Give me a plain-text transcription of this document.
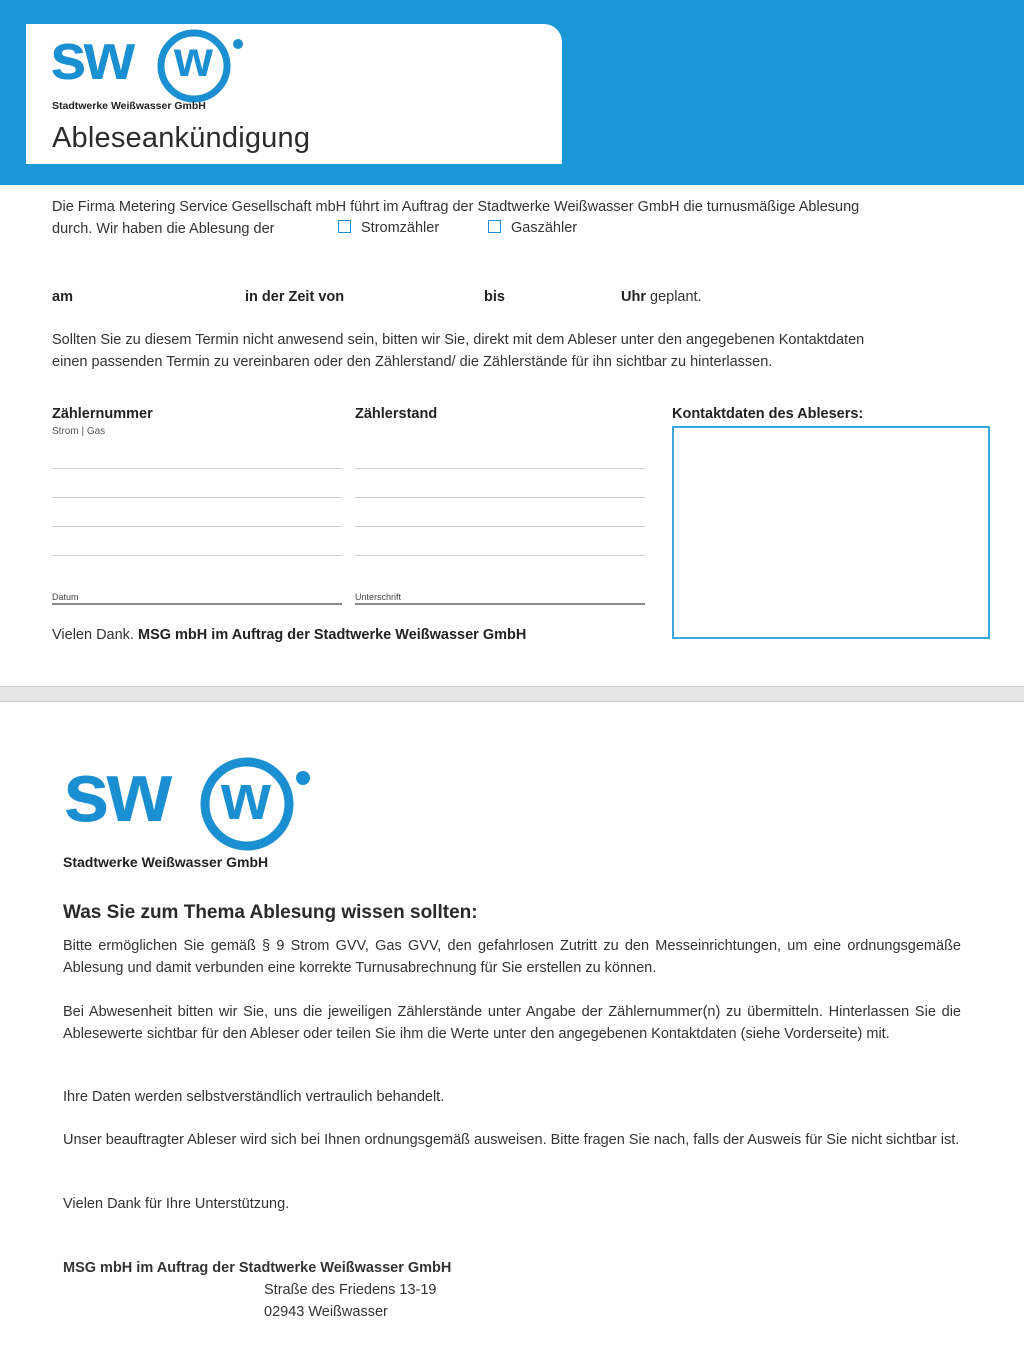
sw w
Stadtwerke Weißwasser GmbH
Ableseankündigung
Die Firma Metering Service Gesellschaft mbH führt im Auftrag der Stadtwerke Weißwasser GmbH die turnusmäßige Ablesung
durch. Wir haben die Ablesung der	Stromzähler	Gaszähler
am	in der Zeit von	bis	Uhr geplant.
Sollten Sie zu diesem Termin nicht anwesend sein, bitten wir Sie, direkt mit dem Ableser unter den angegebenen Kontaktdaten
einen passenden Termin zu vereinbaren oder den Zählerstand/ die Zählerstände für ihn sichtbar zu hinterlassen.
Zählernummer
Strom | Gas
Zählerstand	Kontaktdaten des Ablesers:
Datum	Unterschrift
Vielen Dank. MSG mbH im Auftrag der Stadtwerke Weißwasser GmbH
sw w
Stadtwerke Weißwasser GmbH
Was Sie zum Thema Ablesung wissen sollten:
Bitte ermöglichen Sie gemäß § 9 Strom GVV, Gas GVV, den gefahrlosen Zutritt zu den Messeinrichtungen, um eine ordnungsgemäße Ablesung und damit verbunden eine korrekte Turnusabrechnung für Sie erstellen zu können.
Bei Abwesenheit bitten wir Sie, uns die jeweiligen Zählerstände unter Angabe der Zählernummer(n) zu übermitteln. Hinterlassen Sie die Ablesewerte sichtbar für den Ableser oder teilen Sie ihm die Werte unter den angegebenen Kontaktdaten (siehe Vorderseite) mit.
Ihre Daten werden selbstverständlich vertraulich behandelt.
Unser beauftragter Ableser wird sich bei Ihnen ordnungsgemäß ausweisen. Bitte fragen Sie nach, falls der Ausweis für Sie nicht sichtbar ist.
Vielen Dank für Ihre Unterstützung.
MSG mbH im Auftrag der Stadtwerke Weißwasser GmbH
Straße des Friedens 13-19
02943 Weißwasser
